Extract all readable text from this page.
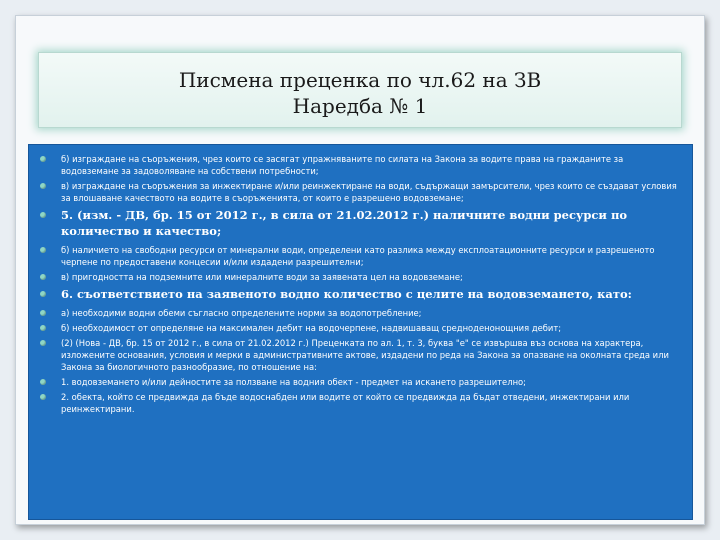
Писмена преценка по чл.62 на ЗВ
Наредба № 1
б) изграждане на съоръжения, чрез които се засягат упражняваните по силата на Закона за водите права на гражданите за водовземане за задоволяване на собствени потребности;
в) изграждане на съоръжения за инжектиране и/или реинжектиране на води, съдържащи замърсители, чрез които се създават условия за влошаване качеството на водите в съоръженията, от които е разрешено водовземане;
5. (изм. - ДВ, бр. 15 от 2012 г., в сила от 21.02.2012 г.) наличните водни ресурси по количество и качество;
б) наличието на свободни ресурси от минерални води, определени като разлика между експлоатационните ресурси и разрешеното черпене по предоставени концесии и/или издадени разрешителни;
в) пригодността на подземните или минералните води за заявената цел на водовземане;
6. съответствието на заявеното водно количество с целите на водовземането, като:
а) необходими водни обеми съгласно определените норми за водопотребление;
б) необходимост от определяне на максимален дебит на водочерпене, надвишаващ средноденонощния дебит;
(2) (Нова - ДВ, бр. 15 от 2012 г., в сила от 21.02.2012 г.) Преценката по ал. 1, т. 3, буква "е" се извършва въз основа на характера, изложените основания, условия и мерки в административните актове, издадени по реда на Закона за опазване на околната среда или Закона за биологичното разнообразие, по отношение на:
1. водовземането и/или дейностите за ползване на водния обект - предмет на искането разрешително;
2. обекта, който се предвижда да бъде водоснабден или водите от който се предвижда да бъдат отведени, инжектирани или реинжектирани.
